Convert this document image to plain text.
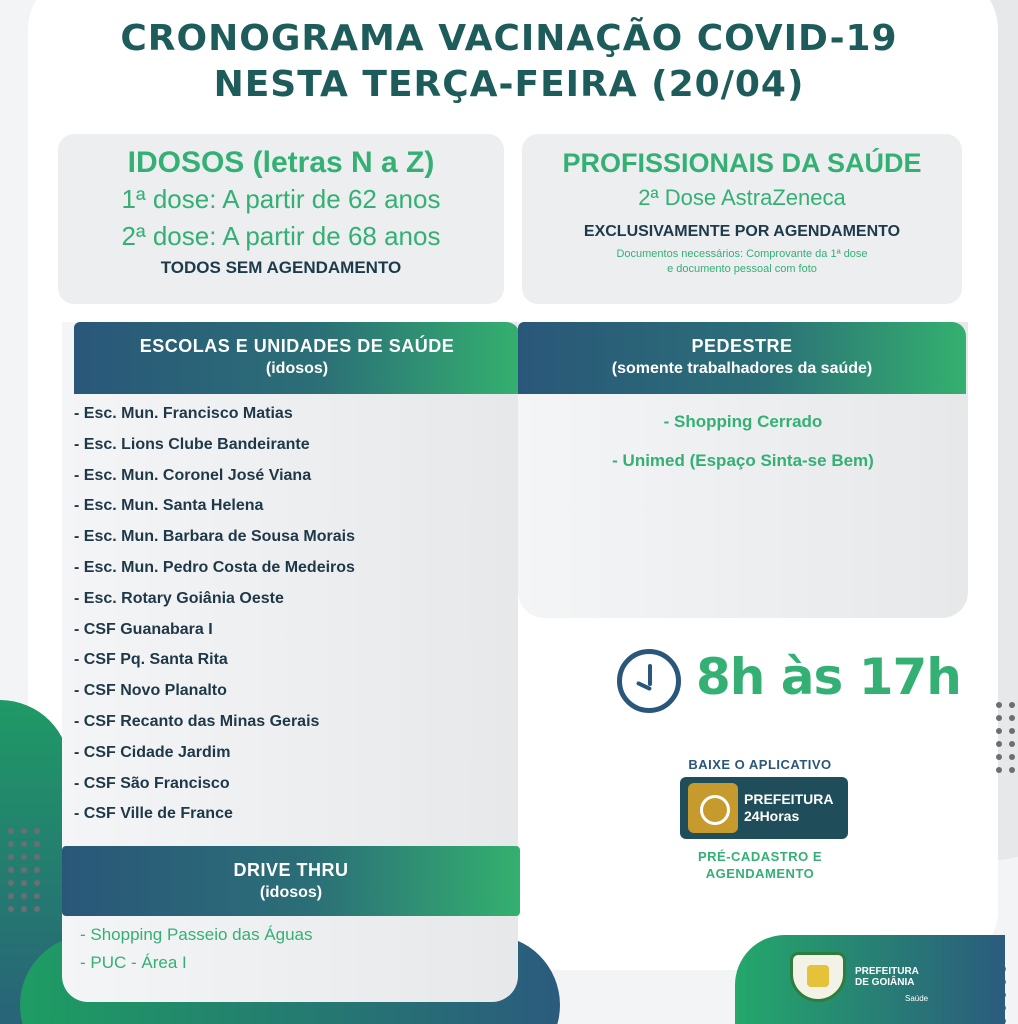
CRONOGRAMA VACINAÇÃO COVID-19
NESTA TERÇA-FEIRA (20/04)
IDOSOS (letras N a Z)
1ª dose: A partir de 62 anos
2ª dose: A partir de 68 anos
TODOS SEM AGENDAMENTO
PROFISSIONAIS DA SAÚDE
2ª Dose AstraZeneca
EXCLUSIVAMENTE POR AGENDAMENTO
Documentos necessários: Comprovante da 1ª dose
e documento pessoal com foto
ESCOLAS E UNIDADES DE SAÚDE
(idosos)
PEDESTRE
(somente trabalhadores da saúde)
- Esc. Mun. Francisco Matias
- Esc. Lions Clube Bandeirante
- Esc. Mun. Coronel José Viana
- Esc. Mun. Santa Helena
- Esc. Mun. Barbara de Sousa Morais
- Esc. Mun. Pedro Costa de Medeiros
- Esc. Rotary Goiânia Oeste
- CSF Guanabara I
- CSF Pq. Santa Rita
- CSF Novo Planalto
- CSF Recanto das Minas Gerais
- CSF Cidade Jardim
- CSF São Francisco
- CSF Ville de France
- Shopping Cerrado
- Unimed (Espaço Sinta-se Bem)
DRIVE THRU
(idosos)
- Shopping Passeio das Águas
- PUC - Área I
8h às 17h
BAIXE O APLICATIVO
PREFEITURA
24Horas
PRÉ-CADASTRO E
AGENDAMENTO
PREFEITURA
DE GOIÂNIA
Saúde
